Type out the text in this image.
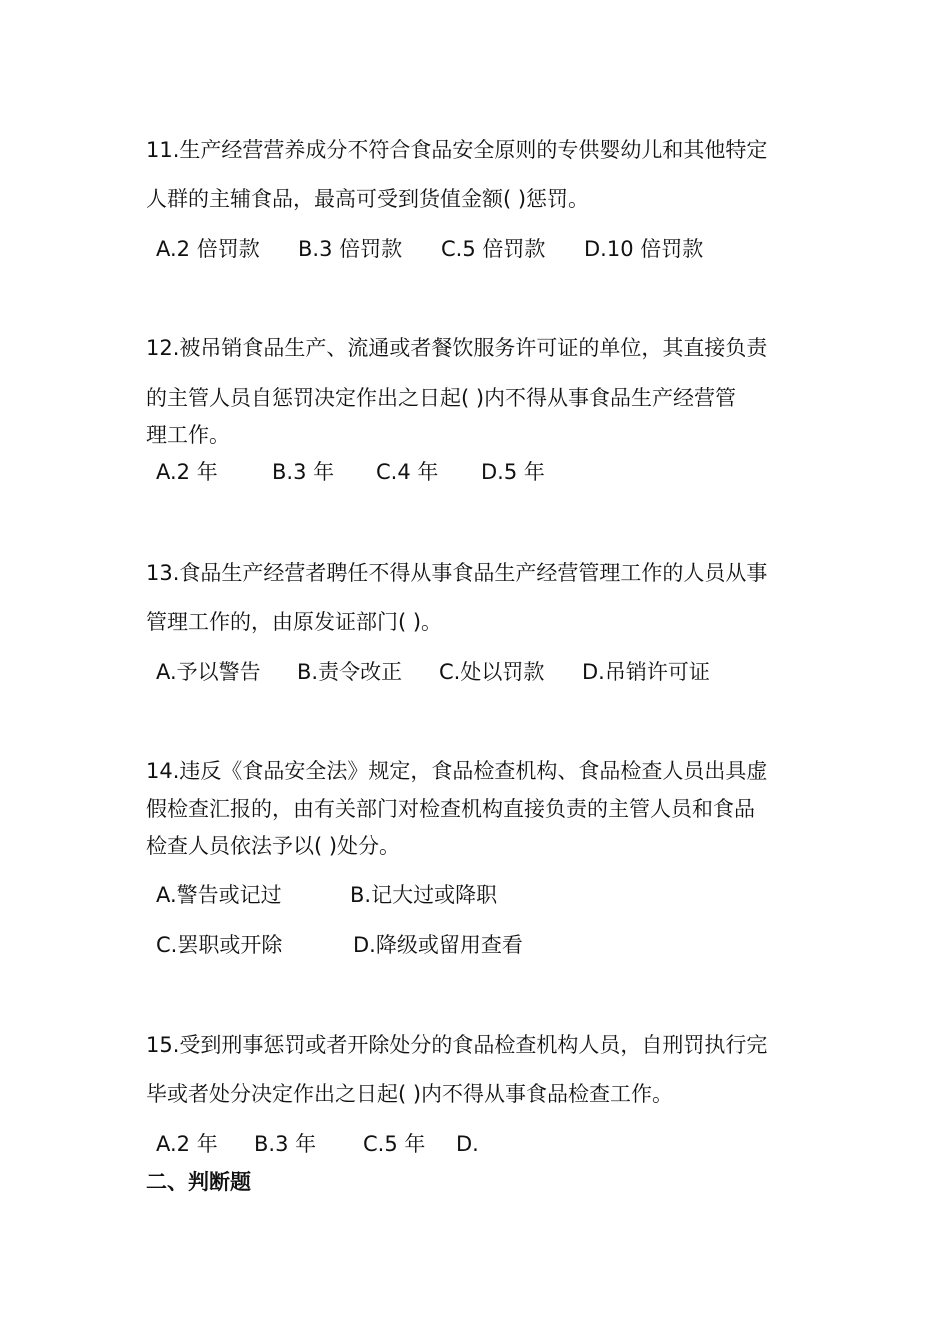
11.生产经营营养成分不符合食品安全原则的专供婴幼儿和其他特定
人群的主辅食品，最高可受到货值金额( )惩罚。
A.2 倍罚款 B.3 倍罚款 C.5 倍罚款 D.10 倍罚款
12.被吊销食品生产、流通或者餐饮服务许可证的单位，其直接负责
的主管人员自惩罚决定作出之日起( )内不得从事食品生产经营管
理工作。
A.2 年	B.3 年 C.4 年 D.5 年
13.食品生产经营者聘任不得从事食品生产经营管理工作的人员从事
管理工作的，由原发证部门( )。
A.予以警告 B.责令改正 C.处以罚款 D.吊销许可证
14.违反《食品安全法》规定，食品检查机构、食品检查人员出具虚
假检查汇报的，由有关部门对检查机构直接负责的主管人员和食品
检查人员依法予以( )处分。
A.警告或记过	B.记大过或降职
C.罢职或开除	D.降级或留用查看
15.受到刑事惩罚或者开除处分的食品检查机构人员，自刑罚执行完
毕或者处分决定作出之日起( )内不得从事食品检查工作。
A.2 年 B.3 年 C.5 年 D.
二、判断题
